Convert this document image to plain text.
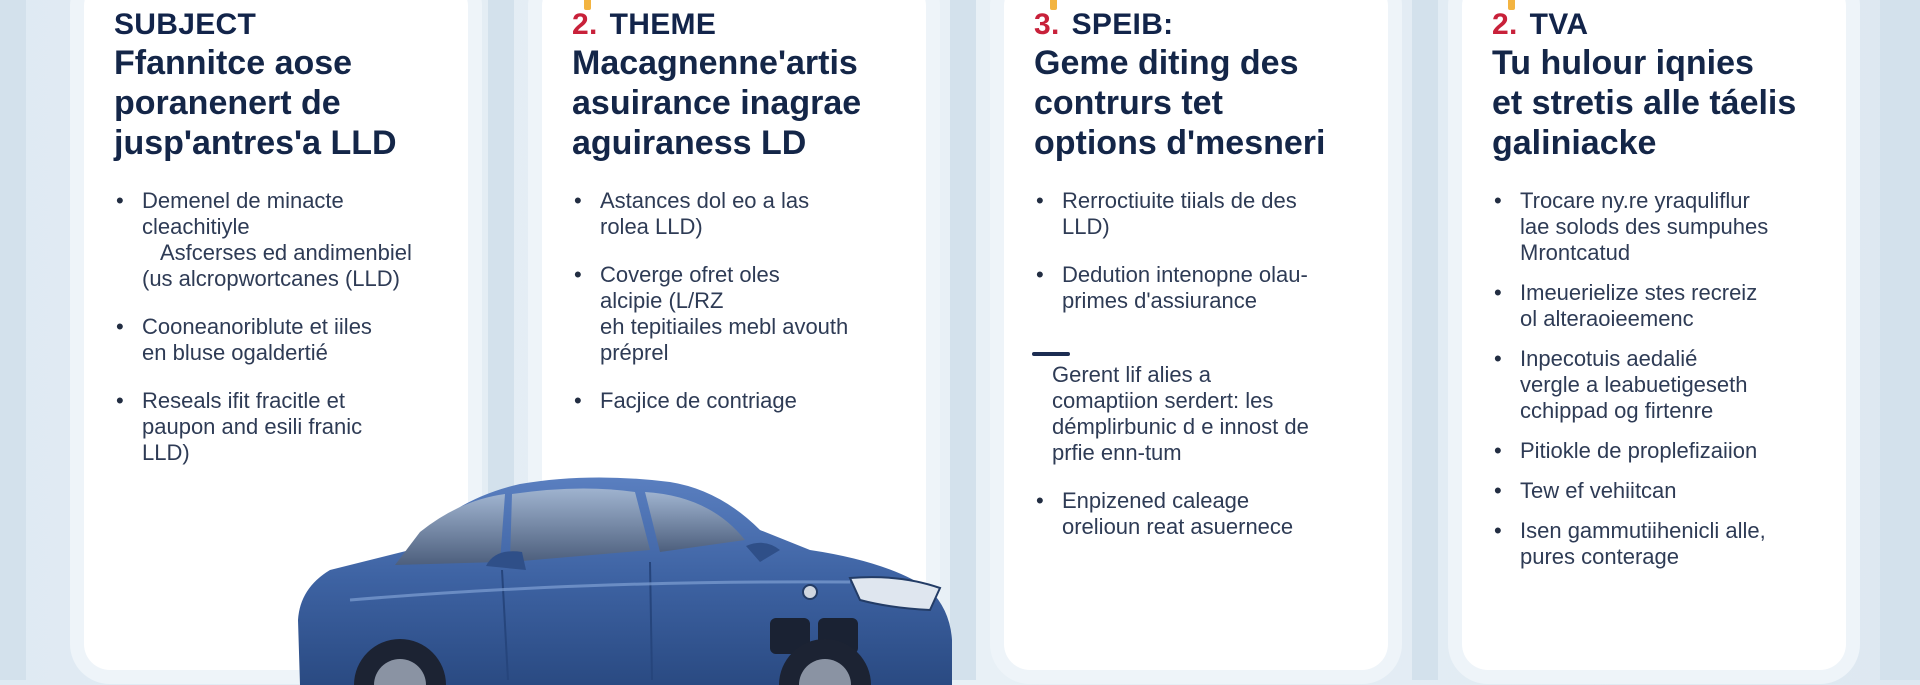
SUBJECT
Ffannitce aose
poranenert de
jusp'antres'a LLD
• Demenel de minacte
cleachitiyle
Asfcerses ed andimenbiel
(us alcropwortcanes (LLD)
• Cooneanoriblute et iiles
en bluse ogaldertié
• Reseals ifit fracitle et
paupon and esili franic
LLD)
2. THEME
Macagnenne'artis
asuirance inagrae
aguiraness LD
• Astances dol eo a las
rolea LLD)
• Coverge ofret oles
alcipie (L/RZ
eh tepitiailes mebl avouth
préprel
• Facjice de contriage
3. SPEIB:
Geme diting des
contrurs tet
options d'mesneri
• Rerroctiuite tiials de des
LLD)
• Dedution intenopne olau-
primes d'assiurance
Gerent lif alies a
comaptiion serdert: les
démplirbunic d e innost de
prfie enn-tum
• Enpizened caleage
orelioun reat asuernece
2. TVA
Tu hulour iqnies
et stretis alle táelis
galiniacke
• Trocare ny.re yraquliflur
lae solods des sumpuhes
Mrontcatud
• Imeuerielize stes recreiz
ol alteraoieemenc
• Inpecotuis aedalié
vergle a leabuetigeseth
cchippad og firtenre
• Pitiokle de proplefizaiion
• Tew ef vehiitcan
• Isen gammutiihenicli alle,
pures conterage
